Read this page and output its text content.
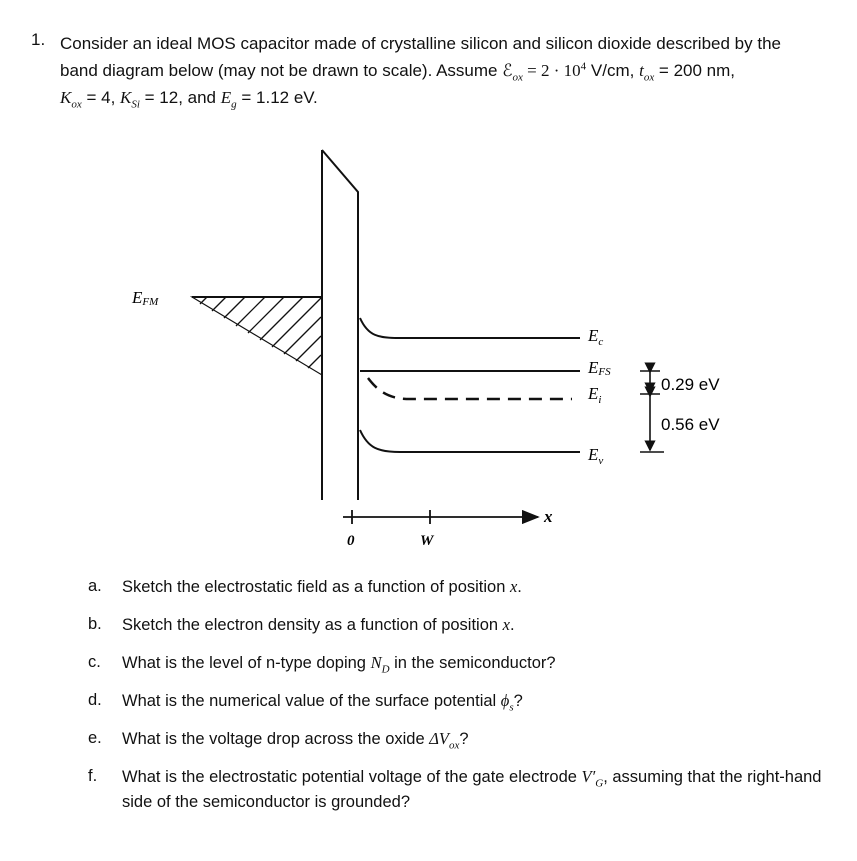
1. Consider an ideal MOS capacitor made of crystalline silicon and silicon dioxide described by the
band diagram below (may not be drawn to scale). Assume ℰ$_{ox}$ = $2 \cdot 10^4$ V/cm, $t_{ox} = 200$ nm,
$K_{ox} = 4$, $K_{Si} = 12$, and $E_g = 1.12$ eV.
EFM
$E_c$
EFS
$E_i$
$E_v$
0.29 eV
0.56 eV
0	W
x
a. Sketch the electrostatic field as a function of position x.
b. Sketch the electron density as a function of position x.
c. What is the level of n-type doping $N_D$ in the semiconductor?
d. What is the numerical value of the surface potential $\phi_s$?
e. What is the voltage drop across the oxide $\Delta V_{ox}$?
f. What is the electrostatic potential voltage of the gate electrode $V'_G$, assuming that the right-hand side of the semiconductor is grounded?
